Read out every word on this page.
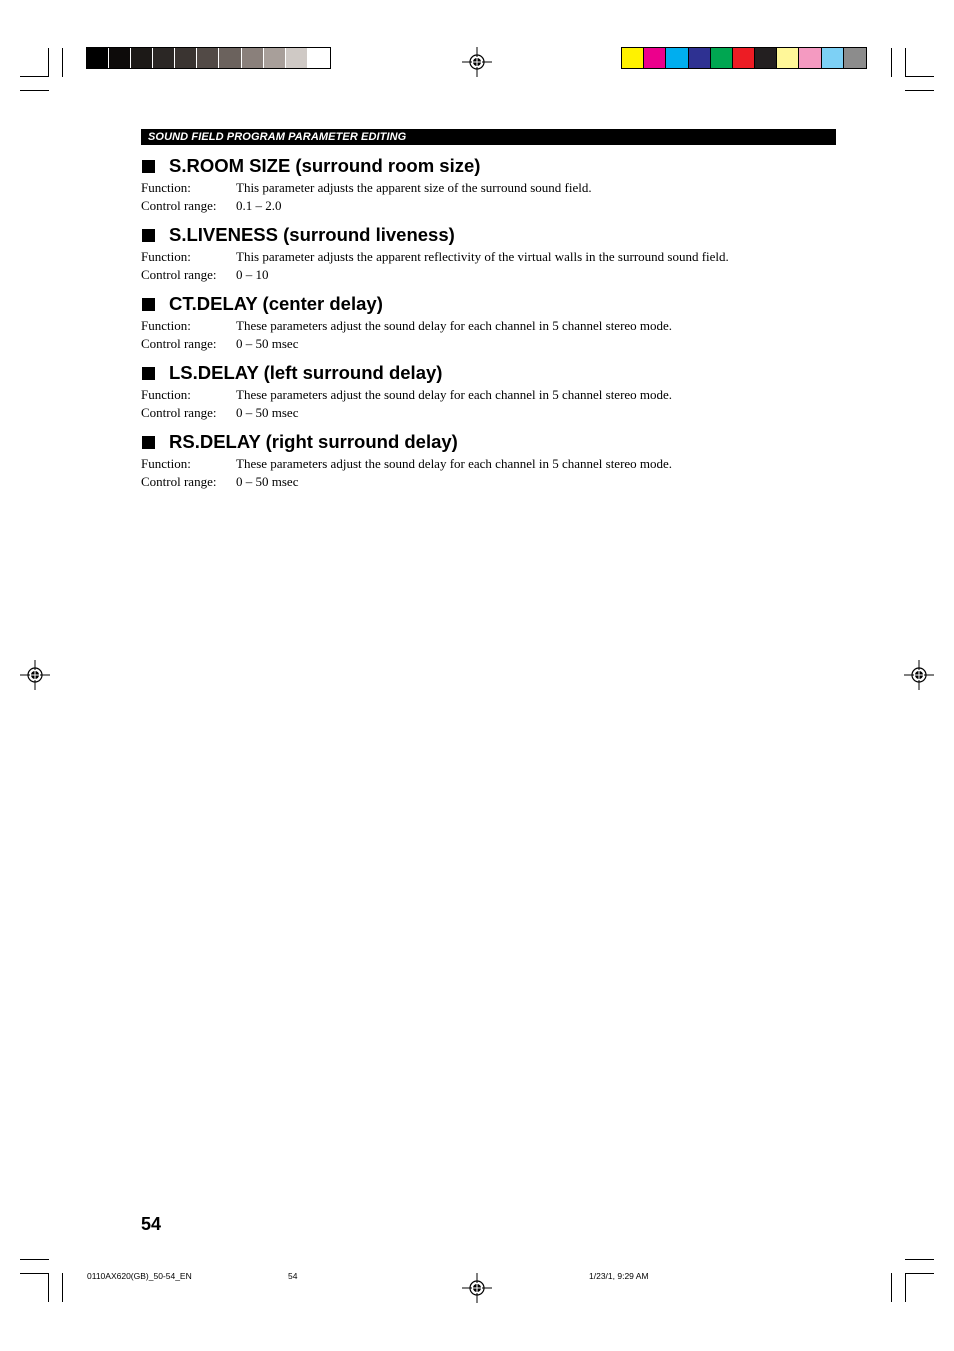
SOUND FIELD PROGRAM PARAMETER EDITING
S.ROOM SIZE (surround room size)
Function:	This parameter adjusts the apparent size of the surround sound field.
Control range:	0.1 – 2.0
S.LIVENESS (surround liveness)
Function:	This parameter adjusts the apparent reflectivity of the virtual walls in the surround sound field.
Control range:	0 – 10
CT.DELAY (center delay)
Function:	These parameters adjust the sound delay for each channel in 5 channel stereo mode.
Control range:	0 – 50 msec
LS.DELAY (left surround delay)
Function:	These parameters adjust the sound delay for each channel in 5 channel stereo mode.
Control range:	0 – 50 msec
RS.DELAY (right surround delay)
Function:	These parameters adjust the sound delay for each channel in 5 channel stereo mode.
Control range:	0 – 50 msec
54
0110AX620(GB)_50-54_EN	54	1/23/1, 9:29 AM
